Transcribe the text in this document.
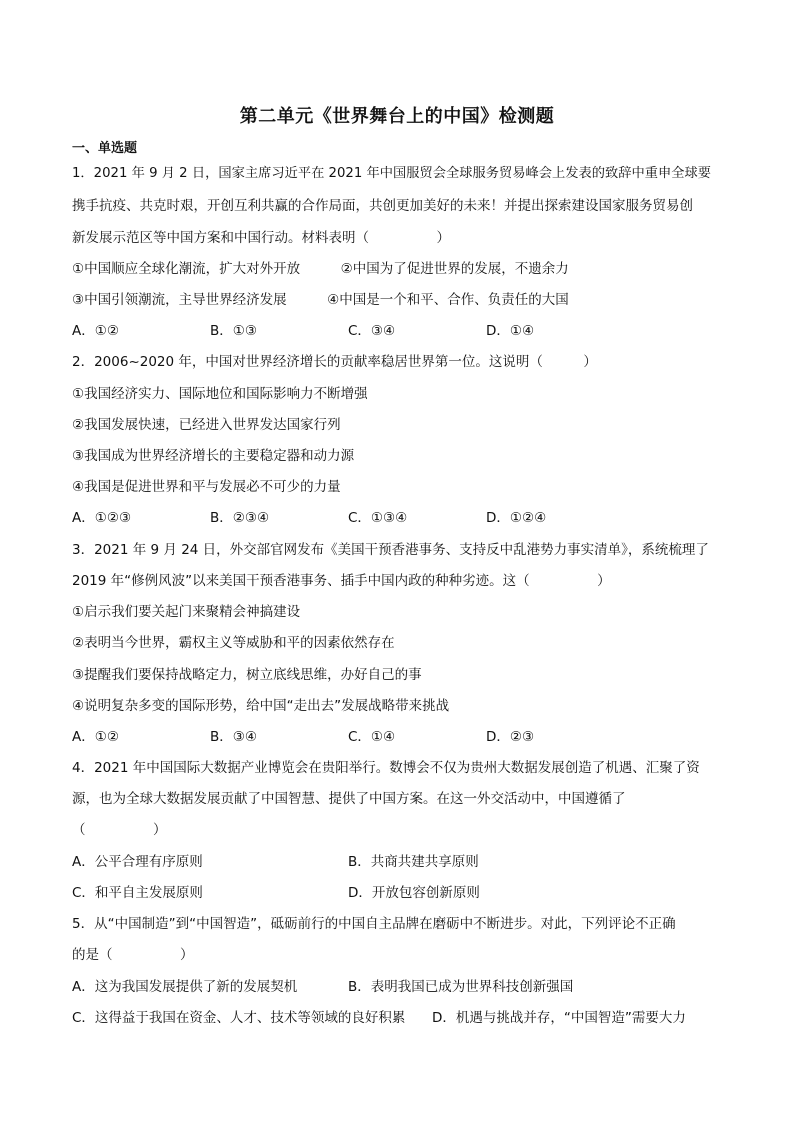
第二单元《世界舞台上的中国》检测题
一、单选题
1．2021 年 9 月 2 日，国家主席习近平在 2021 年中国服贸会全球服务贸易峰会上发表的致辞中重申全球要
携手抗疫、共克时艰，开创互利共赢的合作局面，共创更加美好的未来！并提出探索建设国家服务贸易创
新发展示范区等中国方案和中国行动。材料表明（　　　　　）
①中国顺应全球化潮流，扩大对外开放　　　②中国为了促进世界的发展，不遗余力
③中国引领潮流，主导世界经济发展　　　④中国是一个和平、合作、负责任的大国
A．①②	B．①③	C．③④	D．①④
2．2006~2020 年，中国对世界经济增长的贡献率稳居世界第一位。这说明（　　　）
①我国经济实力、国际地位和国际影响力不断增强
②我国发展快速，已经进入世界发达国家行列
③我国成为世界经济增长的主要稳定器和动力源
④我国是促进世界和平与发展必不可少的力量
A．①②③	B．②③④	C．①③④	D．①②④
3．2021 年 9 月 24 日，外交部官网发布《美国干预香港事务、支持反中乱港势力事实清单》，系统梳理了
2019 年“修例风波”以来美国干预香港事务、插手中国内政的种种劣迹。这（　　　　　）
①启示我们要关起门来聚精会神搞建设
②表明当今世界，霸权主义等威胁和平的因素依然存在
③提醒我们要保持战略定力，树立底线思维，办好自己的事
④说明复杂多变的国际形势，给中国“走出去”发展战略带来挑战
A．①②	B．③④	C．①④	D．②③
4．2021 年中国国际大数据产业博览会在贵阳举行。数博会不仅为贵州大数据发展创造了机遇、汇聚了资
源，也为全球大数据发展贡献了中国智慧、提供了中国方案。在这一外交活动中，中国遵循了
（　　　　　）
A．公平合理有序原则	B．共商共建共享原则
C．和平自主发展原则	D．开放包容创新原则
5．从“中国制造”到“中国智造”，砥砺前行的中国自主品牌在磨砺中不断进步。对此，下列评论不正确
的是（　　　　　）
A．这为我国发展提供了新的发展契机	B．表明我国已成为世界科技创新强国
C．这得益于我国在资金、人才、技术等领域的良好积累 D．机遇与挑战并存，“中国智造”需要大力
